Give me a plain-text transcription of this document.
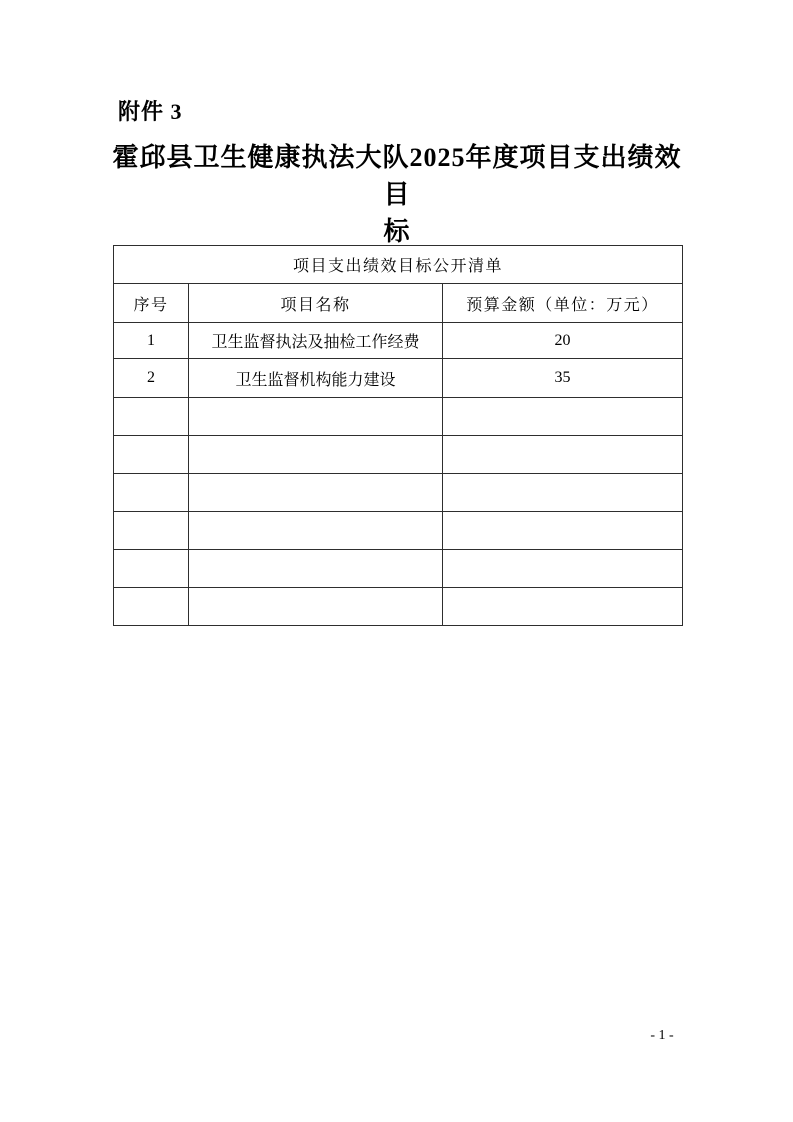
附件 3
霍邱县卫生健康执法大队2025年度项目支出绩效目
标
项目支出绩效目标公开清单		
序号	项目名称	预算金额（单位：万元）
1	卫生监督执法及抽检工作经费	20
2	卫生监督机构能力建设	35

- 1 -
